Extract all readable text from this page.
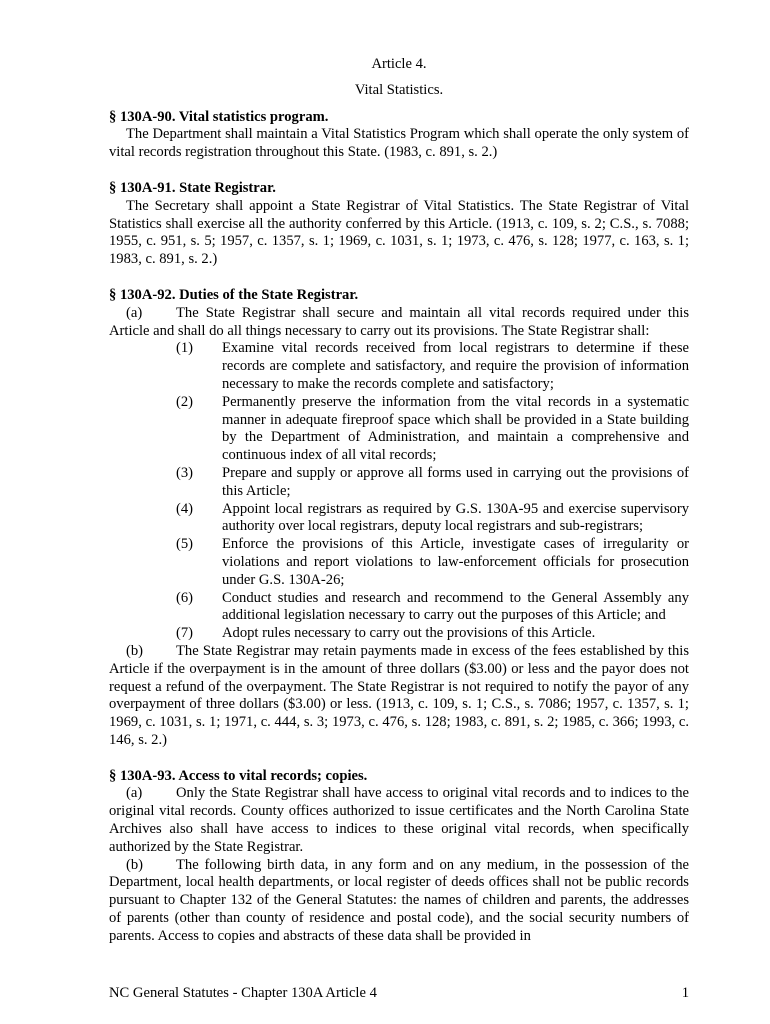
Article 4.

Vital Statistics.

§ 130A-90. Vital statistics program.

The Department shall maintain a Vital Statistics Program which shall operate the only system of vital records registration throughout this State. (1983, c. 891, s. 2.)

§ 130A-91. State Registrar.

The Secretary shall appoint a State Registrar of Vital Statistics. The State Registrar of Vital Statistics shall exercise all the authority conferred by this Article. (1913, c. 109, s. 2; C.S., s. 7088; 1955, c. 951, s. 5; 1957, c. 1357, s. 1; 1969, c. 1031, s. 1; 1973, c. 476, s. 128; 1977, c. 163, s. 1; 1983, c. 891, s. 2.)

§ 130A-92. Duties of the State Registrar.

(a) The State Registrar shall secure and maintain all vital records required under this Article and shall do all things necessary to carry out its provisions. The State Registrar shall:

(1) Examine vital records received from local registrars to determine if these records are complete and satisfactory, and require the provision of information necessary to make the records complete and satisfactory;
(2) Permanently preserve the information from the vital records in a systematic manner in adequate fireproof space which shall be provided in a State building by the Department of Administration, and maintain a comprehensive and continuous index of all vital records;
(3) Prepare and supply or approve all forms used in carrying out the provisions of this Article;
(4) Appoint local registrars as required by G.S. 130A-95 and exercise supervisory authority over local registrars, deputy local registrars and sub-registrars;
(5) Enforce the provisions of this Article, investigate cases of irregularity or violations and report violations to law-enforcement officials for prosecution under G.S. 130A-26;
(6) Conduct studies and research and recommend to the General Assembly any additional legislation necessary to carry out the purposes of this Article; and
(7) Adopt rules necessary to carry out the provisions of this Article.

(b) The State Registrar may retain payments made in excess of the fees established by this Article if the overpayment is in the amount of three dollars ($3.00) or less and the payor does not request a refund of the overpayment. The State Registrar is not required to notify the payor of any overpayment of three dollars ($3.00) or less. (1913, c. 109, s. 1; C.S., s. 7086; 1957, c. 1357, s. 1; 1969, c. 1031, s. 1; 1971, c. 444, s. 3; 1973, c. 476, s. 128; 1983, c. 891, s. 2; 1985, c. 366; 1993, c. 146, s. 2.)

§ 130A-93. Access to vital records; copies.

(a) Only the State Registrar shall have access to original vital records and to indices to the original vital records. County offices authorized to issue certificates and the North Carolina State Archives also shall have access to indices to these original vital records, when specifically authorized by the State Registrar.

(b) The following birth data, in any form and on any medium, in the possession of the Department, local health departments, or local register of deeds offices shall not be public records pursuant to Chapter 132 of the General Statutes: the names of children and parents, the addresses of parents (other than county of residence and postal code), and the social security numbers of parents. Access to copies and abstracts of these data shall be provided in

NC General Statutes - Chapter 130A Article 4	1
